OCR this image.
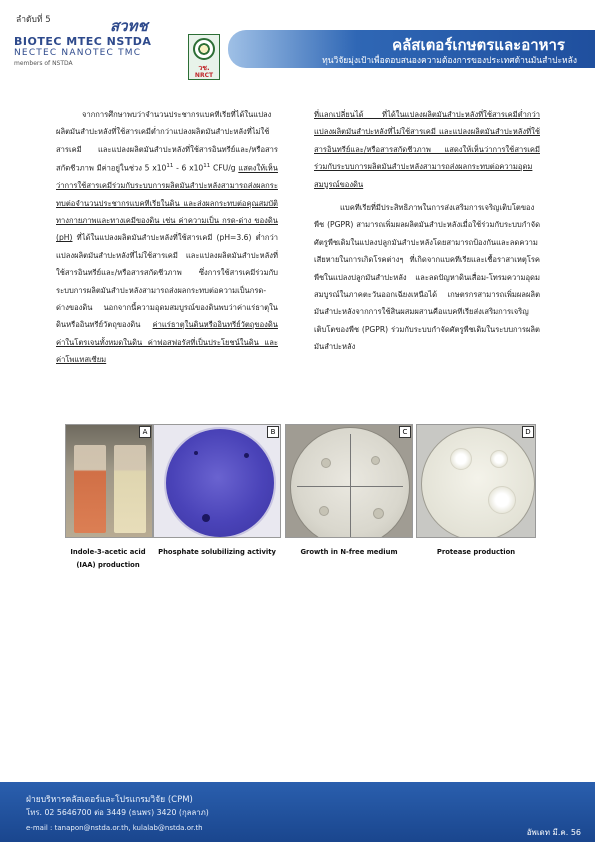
ลำดับที่ 5
BIOTEC MTEC NSTDA
NECTEC NANOTEC TMC
members of NSTDA
สวทช
วช.
NRCT
คลัสเตอร์เกษตรและอาหาร
ทุนวิจัยมุ่งเป้าเพื่อตอบสนองความต้องการของประเทศด้านมันสำปะหลัง

จากการศึกษาพบว่าจำนวนประชากรแบคทีเรียที่ได้ในแปลงผลิตมันสำปะหลังที่ใช้สารเคมีต่ำกว่าแปลงผลิตมันสำปะหลังที่ไม่ใช้สารเคมี และแปลงผลิตมันสำปะหลังที่ใช้สารอินทรีย์และ/หรือสารสกัดชีวภาพ มีค่าอยู่ในช่วง 5 $x10^{11} - 6$ $x10^{11}$ CFU/g แสดงให้เห็นว่าการใช้สารเคมีร่วมกับระบบการผลิตมันสำปะหลังสามารถส่งผลกระทบต่อจำนวนประชากรแบคทีเรียในดิน และส่งผลกระทบต่อคุณสมบัติทางกายภาพและทางเคมีของดิน เช่น ค่าความเป็น กรด-ด่าง ของดิน (pH) ที่ได้ในแปลงผลิตมันสำปะหลังที่ใช้สารเคมี (pH=3.6) ต่ำกว่าแปลงผลิตมันสำปะหลังที่ไม่ใช้สารเคมี และแปลงผลิตมันสำปะหลังที่ใช้สารอินทรีย์และ/หรือสารสกัดชีวภาพ ซึ่งการใช้สารเคมีร่วมกับระบบการผลิตมันสำปะหลังสามารถส่งผลกระทบต่อความเป็นกรด-ด่างของดิน นอกจากนี้ความอุดมสมบูรณ์ของดินพบว่าค่าแร่ธาตุในดินหรืออินทรีย์วัตถุของดิน ค่าแร่ธาตุในดินหรืออินทรีย์วัตถุของดิน ค่าในโตรเจนทั้งหมดในดิน ค่าฟอสฟอรัสที่เป็นประโยชน์ในดิน และค่าโพแทสเซียม

ที่แลกเปลี่ยนได้ ที่ได้ในแปลงผลิตมันสำปะหลังที่ใช้สารเคมีต่ำกว่าแปลงผลิตมันสำปะหลังที่ไม่ใช้สารเคมี และแปลงผลิตมันสำปะหลังที่ใช้สารอินทรีย์และ/หรือสารสกัดชีวภาพ แสดงให้เห็นว่าการใช้สารเคมีร่วมกับระบบการผลิตมันสำปะหลังสามารถส่งผลกระทบต่อความอุดมสมบูรณ์ของดิน

แบคทีเรียที่มีประสิทธิภาพในการส่งเสริมการเจริญเติบโตของพืช (PGPR) สามารถเพิ่มผลผลิตมันสำปะหลังเมื่อใช้ร่วมกับระบบกำจัดศัตรูพืชเดิมในแปลงปลูกมันสำปะหลังโดยสามารถป้องกันและลดความเสียหายในการเกิดโรคต่างๆ ที่เกิดจากแบคทีเรียและเชื้อราสาเหตุโรคพืชในแปลงปลูกมันสำปะหลัง และลดปัญหาดินเสื่อม-โทรมความอุดมสมบูรณ์ในภาคตะวันออกเฉียงเหนือได้ เกษตรกรสามารถเพิ่มผลผลิตมันสำปะหลังจากการใช้สินผสมผสานคือแบคทีเรียส่งเสริมการเจริญเติบโตของพืช (PGPR) ร่วมกับระบบกำจัดศัตรูพืชเดิมในระบบการผลิตมันสำปะหลัง

A	B	C	D
Indole-3-acetic acid (IAA) production
Phosphate solubilizing activity	Growth in N-free medium	Protease production
ฝ่ายบริหารคลัสเตอร์และโปรแกรมวิจัย (CPM)
โทร. 02 5646700 ต่อ 3449 (ธนพร) 3420 (กุลลาภ)
e-mail : tanapon@nstda.or.th, kulalab@nstda.or.th	อัพเดท มี.ค. 56
